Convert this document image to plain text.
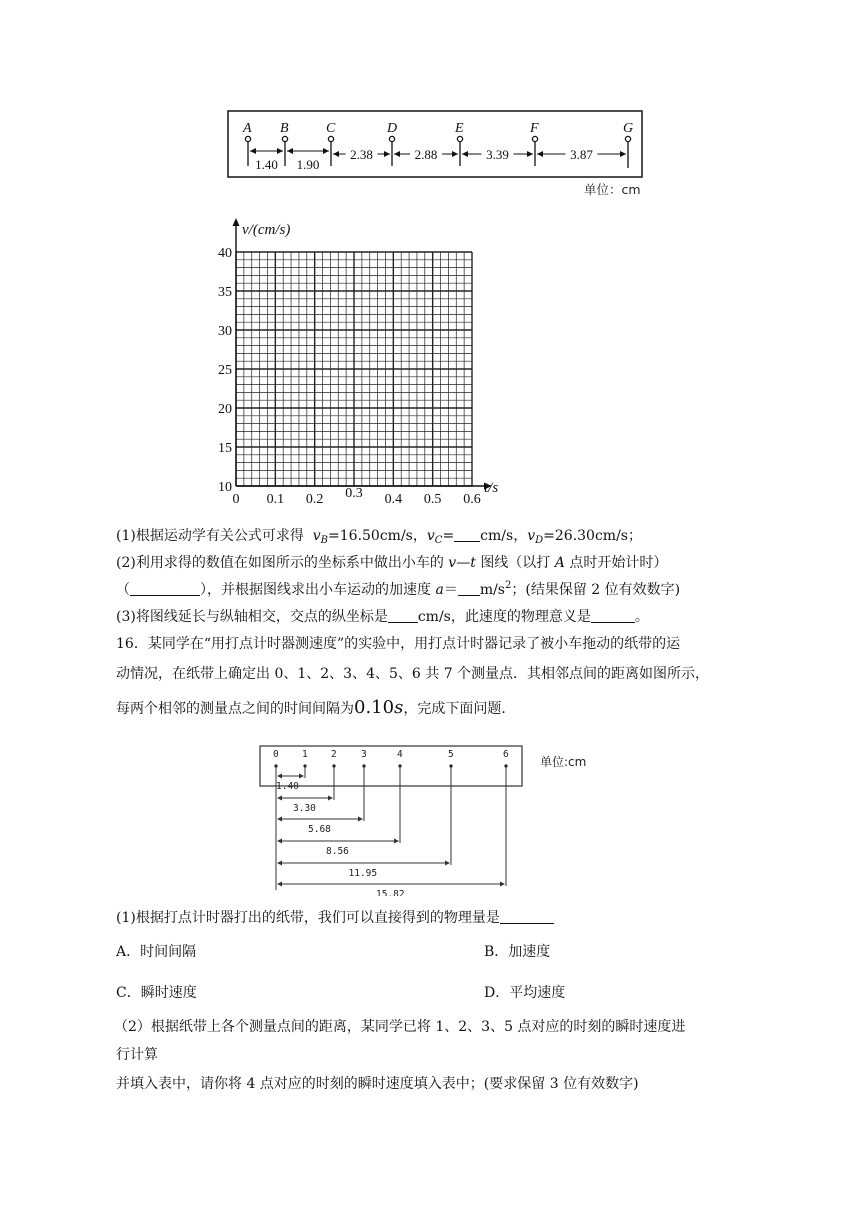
A B	C	D	E	F	G
1.40 1.90
2.38	2.88	3.39	3.87
单位：cm
v/(cm/s)
t/s
40
35
30
25
20
15
10
0 0.1 0.2 0.3 0.4 0.5 0.6
(1)根据运动学有关公式可求得 $v_B=16.50cm/s$，$v_C= cm/s$，$v_D=26.30cm/s$；
(2)利用求得的数值在如图所示的坐标系中做出小车的 v—t 图线（以打 A 点时开始计时）
（	），并根据图线求出小车运动的加速度 $a= m/s^2$；(结果保留 2 位有效数字)
(3)将图线延长与纵轴相交，交点的纵坐标是 cm/s，此速度的物理意义是	。
16．某同学在“用打点计时器测速度”的实验中，用打点计时器记录了被小车拖动的纸带的运
动情况，在纸带上确定出 0、1、2、3、4、5、6 共 7 个测量点．其相邻点间的距离如图所示，
每两个相邻的测量点之间的时间间隔为0.10s，完成下面问题．
单位:cm
0 1 2	3	4	5	6
1.40
3.30
5.68
8.56
11.95
15.82
(1)根据打点计时器打出的纸带，我们可以直接得到的物理量是
A．时间间隔	B．加速度
C．瞬时速度	D．平均速度
（2）根据纸带上各个测量点间的距离，某同学已将 1、2、3、5 点对应的时刻的瞬时速度进
行计算
并填入表中，请你将 4 点对应的时刻的瞬时速度填入表中；(要求保留 3 位有效数字)
